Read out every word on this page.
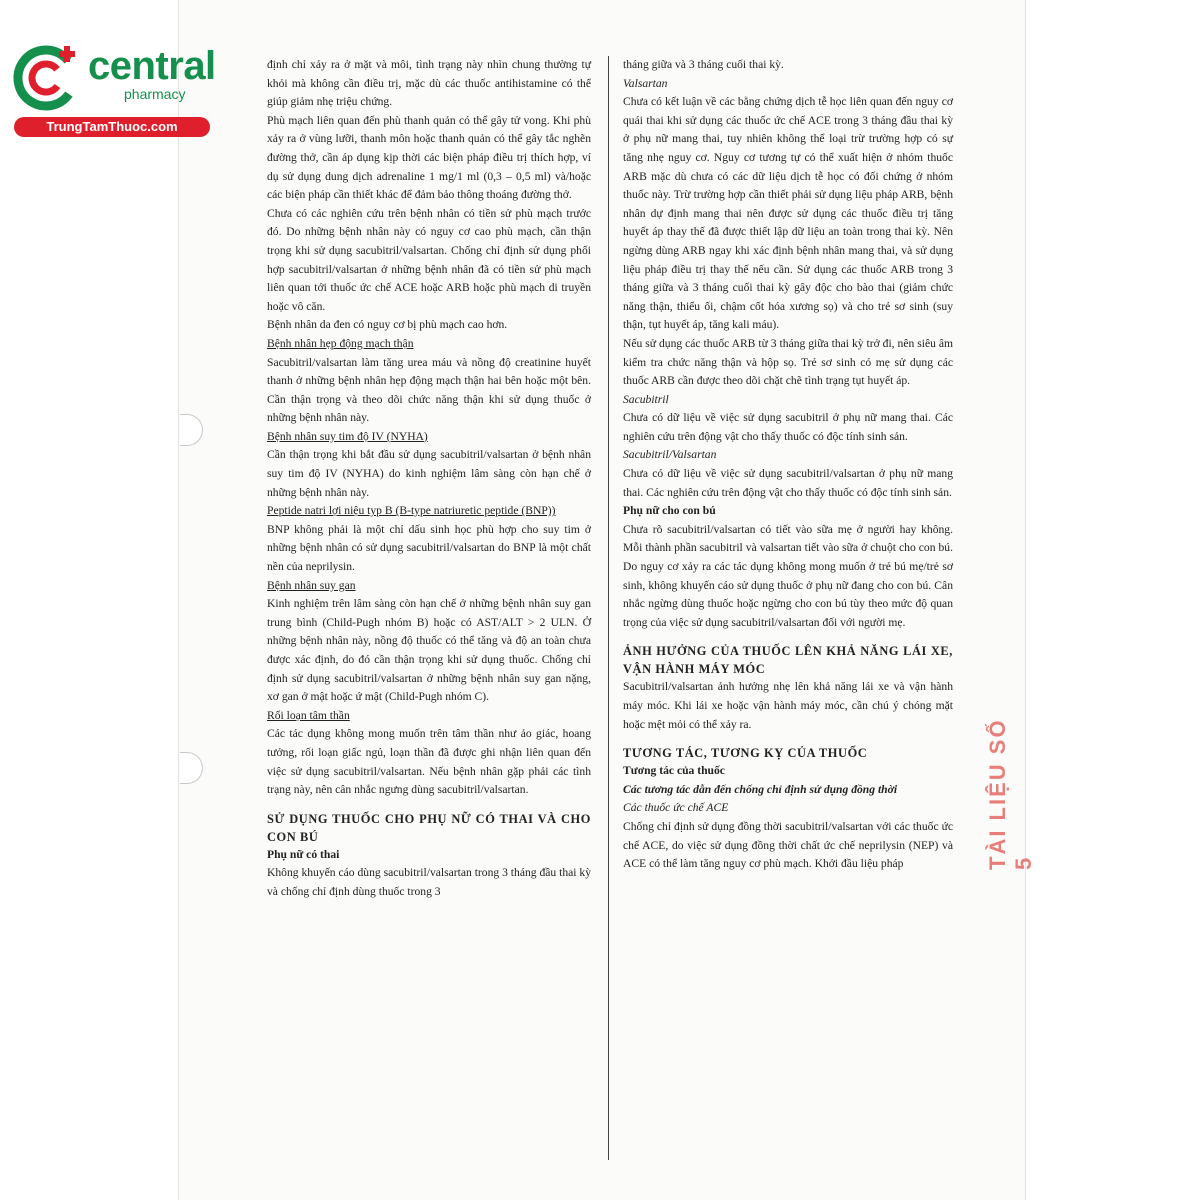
central
pharmacy
TrungTamThuoc.com
TÀI LIỆU SỐ 5

định chỉ xảy ra ở mặt và môi, tình trạng này nhìn chung thường tự khỏi mà không cần điều trị, mặc dù các thuốc antihistamine có thể giúp giảm nhẹ triệu chứng.

Phù mạch liên quan đến phù thanh quản có thể gây tử vong. Khi phù xảy ra ở vùng lưỡi, thanh môn hoặc thanh quản có thể gây tắc nghẽn đường thở, cần áp dụng kịp thời các biện pháp điều trị thích hợp, ví dụ sử dụng dung dịch adrenaline 1 mg/1 ml (0,3 – 0,5 ml) và/hoặc các biện pháp cần thiết khác để đảm bảo thông thoáng đường thở.

Chưa có các nghiên cứu trên bệnh nhân có tiền sử phù mạch trước đó. Do những bệnh nhân này có nguy cơ cao phù mạch, cần thận trọng khi sử dụng sacubitril/valsartan. Chống chỉ định sử dụng phối hợp sacubitril/valsartan ở những bệnh nhân đã có tiền sử phù mạch liên quan tới thuốc ức chế ACE hoặc ARB hoặc phù mạch di truyền hoặc vô căn.

Bệnh nhân da đen có nguy cơ bị phù mạch cao hơn.

Bệnh nhân hẹp động mạch thận

Sacubitril/valsartan làm tăng urea máu và nồng độ creatinine huyết thanh ở những bệnh nhân hẹp động mạch thận hai bên hoặc một bên. Cần thận trọng và theo dõi chức năng thận khi sử dụng thuốc ở những bệnh nhân này.

Bệnh nhân suy tim độ IV (NYHA)

Cần thận trọng khi bắt đầu sử dụng sacubitril/valsartan ở bệnh nhân suy tim độ IV (NYHA) do kinh nghiệm lâm sàng còn hạn chế ở những bệnh nhân này.

Peptide natri lợi niệu typ B (B-type natriuretic peptide (BNP))

BNP không phải là một chỉ dấu sinh học phù hợp cho suy tim ở những bệnh nhân có sử dụng sacubitril/valsartan do BNP là một chất nền của neprilysin.

Bệnh nhân suy gan

Kinh nghiệm trên lâm sàng còn hạn chế ở những bệnh nhân suy gan trung bình (Child-Pugh nhóm B) hoặc có AST/ALT > 2 ULN. Ở những bệnh nhân này, nồng độ thuốc có thể tăng và độ an toàn chưa được xác định, do đó cần thận trọng khi sử dụng thuốc. Chống chỉ định sử dụng sacubitril/valsartan ở những bệnh nhân suy gan nặng, xơ gan ở mật hoặc ứ mật (Child-Pugh nhóm C).

Rối loạn tâm thần

Các tác dụng không mong muốn trên tâm thần như ảo giác, hoang tưởng, rối loạn giấc ngủ, loạn thần đã được ghi nhận liên quan đến việc sử dụng sacubitril/valsartan. Nếu bệnh nhân gặp phải các tình trạng này, nên cân nhắc ngưng dùng sacubitril/valsartan.

SỬ DỤNG THUỐC CHO PHỤ NỮ CÓ THAI VÀ CHO CON BÚ

Phụ nữ có thai

Không khuyến cáo dùng sacubitril/valsartan trong 3 tháng đầu thai kỳ và chống chỉ định dùng thuốc trong 3

tháng giữa và 3 tháng cuối thai kỳ.

Valsartan

Chưa có kết luận về các bằng chứng dịch tễ học liên quan đến nguy cơ quái thai khi sử dụng các thuốc ức chế ACE trong 3 tháng đầu thai kỳ ở phụ nữ mang thai, tuy nhiên không thể loại trừ trường hợp có sự tăng nhẹ nguy cơ. Nguy cơ tương tự có thể xuất hiện ở nhóm thuốc ARB mặc dù chưa có các dữ liệu dịch tễ học có đối chứng ở nhóm thuốc này. Trừ trường hợp cần thiết phải sử dụng liệu pháp ARB, bệnh nhân dự định mang thai nên được sử dụng các thuốc điều trị tăng huyết áp thay thế đã được thiết lập dữ liệu an toàn trong thai kỳ. Nên ngừng dùng ARB ngay khi xác định bệnh nhân mang thai, và sử dụng liệu pháp điều trị thay thế nếu cần. Sử dụng các thuốc ARB trong 3 tháng giữa và 3 tháng cuối thai kỳ gây độc cho bào thai (giảm chức năng thận, thiểu ối, chậm cốt hóa xương sọ) và cho trẻ sơ sinh (suy thận, tụt huyết áp, tăng kali máu).

Nếu sử dụng các thuốc ARB từ 3 tháng giữa thai kỳ trở đi, nên siêu âm kiểm tra chức năng thận và hộp sọ. Trẻ sơ sinh có mẹ sử dụng các thuốc ARB cần được theo dõi chặt chẽ tình trạng tụt huyết áp.

Sacubitril

Chưa có dữ liệu về việc sử dụng sacubitril ở phụ nữ mang thai. Các nghiên cứu trên động vật cho thấy thuốc có độc tính sinh sản.

Sacubitril/Valsartan

Chưa có dữ liệu về việc sử dụng sacubitril/valsartan ở phụ nữ mang thai. Các nghiên cứu trên động vật cho thấy thuốc có độc tính sinh sản.

Phụ nữ cho con bú

Chưa rõ sacubitril/valsartan có tiết vào sữa mẹ ở người hay không. Mỗi thành phần sacubitril và valsartan tiết vào sữa ở chuột cho con bú. Do nguy cơ xảy ra các tác dụng không mong muốn ở trẻ bú mẹ/trẻ sơ sinh, không khuyến cáo sử dụng thuốc ở phụ nữ đang cho con bú. Cân nhắc ngừng dùng thuốc hoặc ngừng cho con bú tùy theo mức độ quan trọng của việc sử dụng sacubitril/valsartan đối với người mẹ.

ẢNH HƯỞNG CỦA THUỐC LÊN KHẢ NĂNG LÁI XE, VẬN HÀNH MÁY MÓC

Sacubitril/valsartan ảnh hưởng nhẹ lên khả năng lái xe và vận hành máy móc. Khi lái xe hoặc vận hành máy móc, cần chú ý chóng mặt hoặc mệt mỏi có thể xảy ra.

TƯƠNG TÁC, TƯƠNG KỴ CỦA THUỐC

Tương tác của thuốc

Các tương tác dẫn đến chống chỉ định sử dụng đồng thời

Các thuốc ức chế ACE

Chống chỉ định sử dụng đồng thời sacubitril/valsartan với các thuốc ức chế ACE, do việc sử dụng đồng thời chất ức chế neprilysin (NEP) và ACE có thể làm tăng nguy cơ phù mạch. Khởi đầu liệu pháp
